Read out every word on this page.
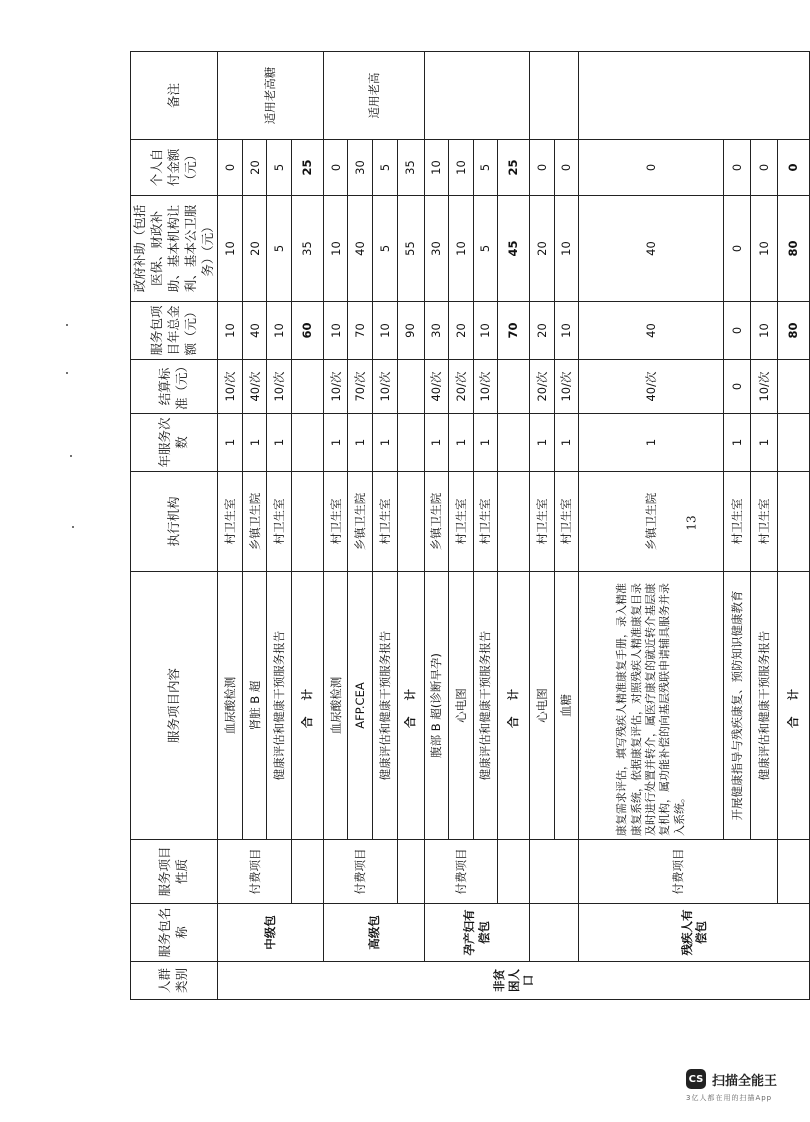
人群类别	服务包名称	服务项目性质	服务项目内容	执行机构	年服务次数	结算标准（元）	服务包项目年总金额（元）	政府补助（包括医保、财政补助、基本机构让利、基本公卫服务）（元）	个人自付金额（元）	备注
非贫困人口	中级包	付费项目	血尿酸检测	村卫生室	1	10/次	10	10	0	适用老高糖
			肾脏 B 超	乡镇卫生院	1	40/次	40	20	20	
			健康评估和健康干预服务报告	村卫生室	1	10/次	10	5	5	
			合 计				60	35	25	
	高级包	付费项目	血尿酸检测	村卫生室	1	10/次	10	10	0	适用老高
			AFP.CEA	乡镇卫生院	1	70/次	70	40	30	
			健康评估和健康干预服务报告	村卫生室	1	10/次	10	5	5	
			合 计				90	55	35	
	孕产妇有偿包	付费项目	腹部 B 超(诊断早孕)	乡镇卫生院	1	40/次	30	30	10	
			心电图	村卫生室	1	20/次	20	10	10	
			健康评估和健康干预服务报告	村卫生室	1	10/次	10	5	5	
			合 计				70	45	25	
			心电图	村卫生室	1	20/次	20	20	0	
			血糖	村卫生室	1	10/次	10	10	0	
	残疾人有偿包	付费项目	康复需求评估，填写残疾人精准康复手册，录入精准康复系统，依据康复评估，对照残疾人精准康复目录及时进行处置并转介，属医疗康复的就近转介基层康复机构，属功能补偿的向基层残联申请辅具服务并录入系统。	乡镇卫生院	1	40/次	40	40	0	
			开展健康指导与残疾康复、预防知识健康教育	村卫生室	1	0	0	0	0	
			健康评估和健康干预服务报告	村卫生室	1	10/次	10	10	0	
			合 计				80	80	0	
13
CS 扫描全能王
3亿人都在用的扫描App
